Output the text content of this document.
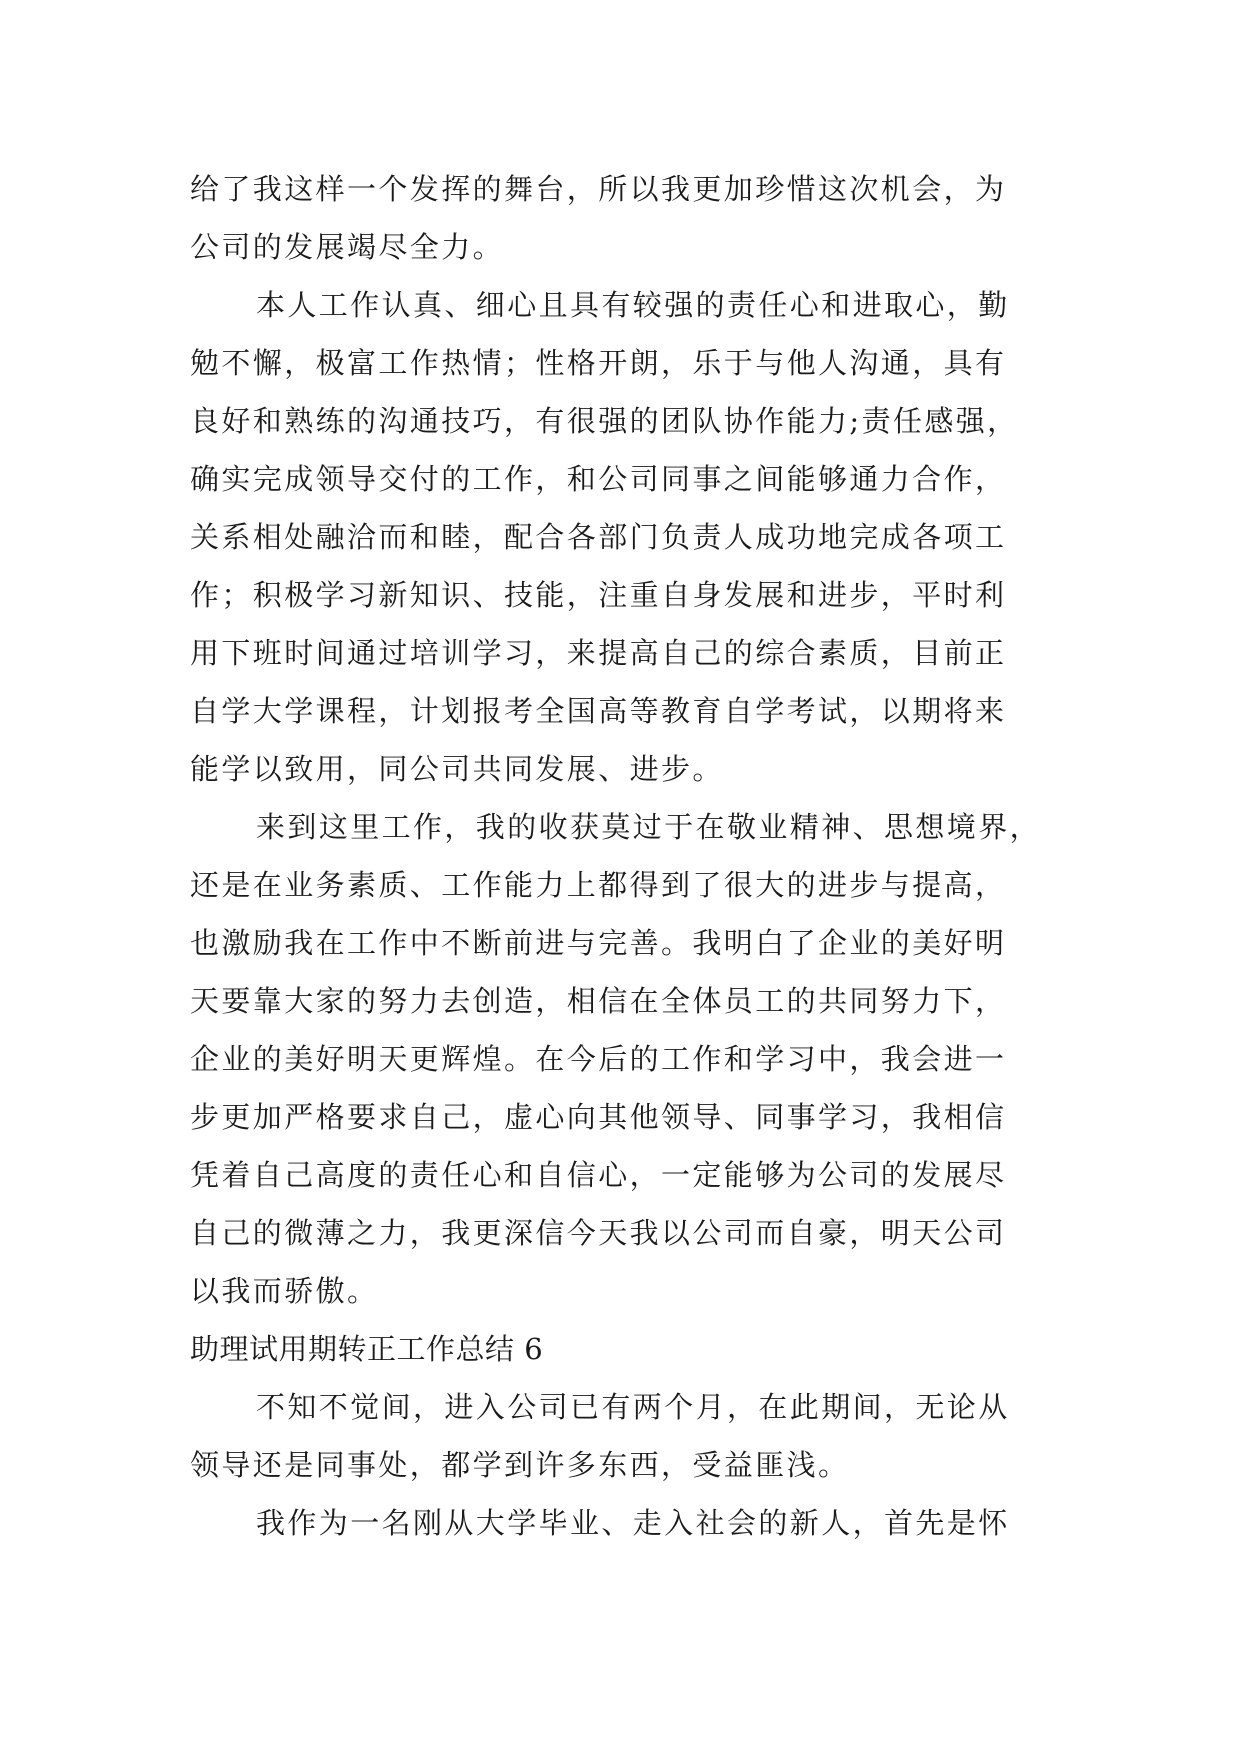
给了我这样一个发挥的舞台，所以我更加珍惜这次机会，为
公司的发展竭尽全力。
本人工作认真、细心且具有较强的责任心和进取心，勤
勉不懈，极富工作热情；性格开朗，乐于与他人沟通，具有
良好和熟练的沟通技巧，有很强的团队协作能力;责任感强，
确实完成领导交付的工作，和公司同事之间能够通力合作，
关系相处融洽而和睦，配合各部门负责人成功地完成各项工
作；积极学习新知识、技能，注重自身发展和进步，平时利
用下班时间通过培训学习，来提高自己的综合素质，目前正
自学大学课程，计划报考全国高等教育自学考试，以期将来
能学以致用，同公司共同发展、进步。
来到这里工作，我的收获莫过于在敬业精神、思想境界，
还是在业务素质、工作能力上都得到了很大的进步与提高，
也激励我在工作中不断前进与完善。我明白了企业的美好明
天要靠大家的努力去创造，相信在全体员工的共同努力下，
企业的美好明天更辉煌。在今后的工作和学习中，我会进一
步更加严格要求自己，虚心向其他领导、同事学习，我相信
凭着自己高度的责任心和自信心，一定能够为公司的发展尽
自己的微薄之力，我更深信今天我以公司而自豪，明天公司
以我而骄傲。
助理试用期转正工作总结 6
不知不觉间，进入公司已有两个月，在此期间，无论从
领导还是同事处，都学到许多东西，受益匪浅。
我作为一名刚从大学毕业、走入社会的新人，首先是怀
